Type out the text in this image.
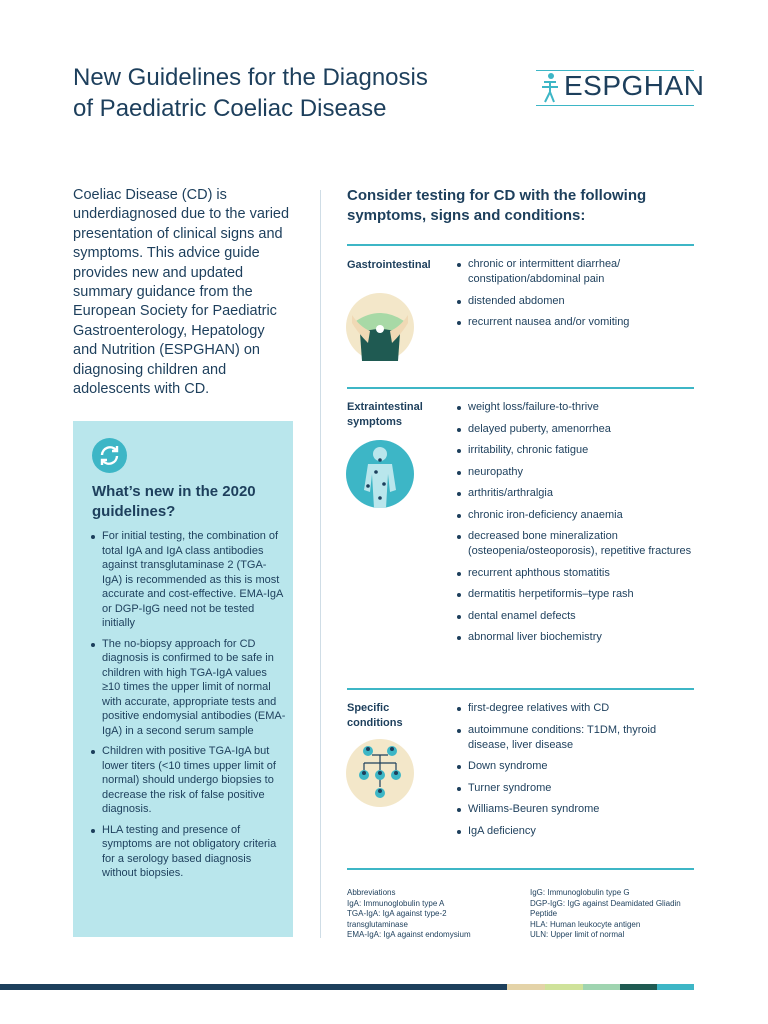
New Guidelines for the Diagnosis
of Paediatric Coeliac Disease
ESPGHAN

Coeliac Disease (CD) is underdiagnosed due to the varied presentation of clinical signs and symptoms. This advice guide provides new and updated summary guidance from the European Society for Paediatric Gastroenterology, Hepatology and Nutrition (ESPGHAN) on diagnosing children and adolescents with CD.

What’s new in the 2020 guidelines?
For initial testing, the combination of total IgA and IgA class antibodies against transglutaminase 2 (TGA-IgA) is recommended as this is most accurate and cost-effective. EMA-IgA or DGP-IgG need not be tested initially
The no-biopsy approach for CD diagnosis is confirmed to be safe in children with high TGA-IgA values ≥10 times the upper limit of normal with accurate, appropriate tests and positive endomysial antibodies (EMA-IgA) in a second serum sample
Children with positive TGA-IgA but lower titers (<10 times upper limit of normal) should undergo biopsies to decrease the risk of false positive diagnosis.
HLA testing and presence of symptoms are not obligatory criteria for a serology based diagnosis without biopsies.
Consider testing for CD with the following symptoms, signs and conditions:
Gastrointestinal	chronic or intermittent diarrhea/ constipation/abdominal pain
distended abdomen
recurrent nausea and/or vomiting
Extraintestinal symptoms
weight loss/failure-to-thrive
delayed puberty, amenorrhea
irritability, chronic fatigue
neuropathy
arthritis/arthralgia
chronic iron-deficiency anaemia
decreased bone mineralization (osteopenia/osteoporosis), repetitive fractures
recurrent aphthous stomatitis
dermatitis herpetiformis–type rash
dental enamel defects
abnormal liver biochemistry
Specific conditions
first-degree relatives with CD
autoimmune conditions: T1DM, thyroid disease, liver disease
Down syndrome
Turner syndrome
Williams-Beuren syndrome
IgA deficiency
Abbreviations
IgA: Immunoglobulin type A
TGA-IgA: IgA against type-2 transglutaminase
EMA-IgA: IgA against endomysium
IgG: Immunoglobulin type G
DGP-IgG: IgG against Deamidated Gliadin Peptide
HLA: Human leukocyte antigen
ULN: Upper limit of normal
